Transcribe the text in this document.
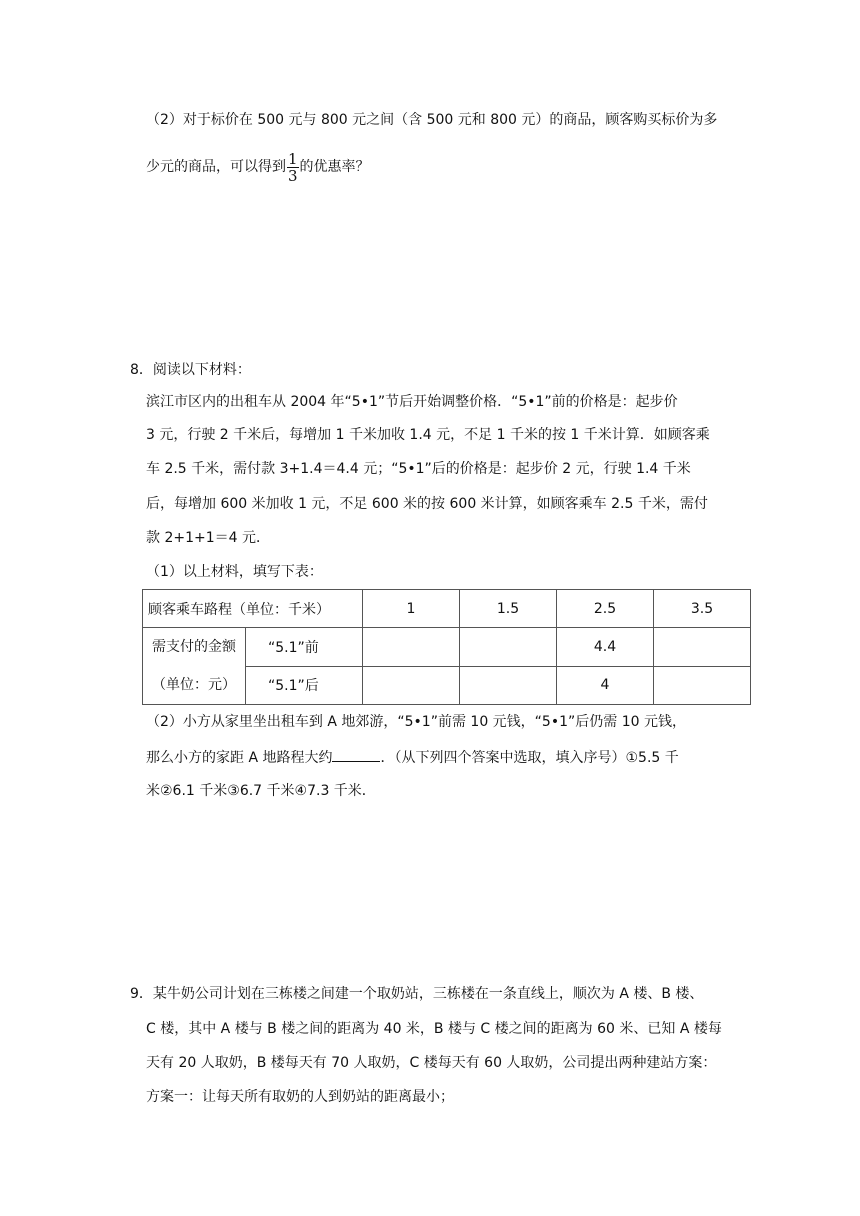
（2）对于标价在 500 元与 800 元之间（含 500 元和 800 元）的商品，顾客购买标价为多
少元的商品，可以得到 $\frac{1}{3}$ 的优惠率？
8．阅读以下材料：
滨江市区内的出租车从 2004 年“5•1”节后开始调整价格．“5•1”前的价格是：起步价
3 元，行驶 2 千米后，每增加 1 千米加收 1.4 元，不足 1 千米的按 1 千米计算．如顾客乘
车 2.5 千米，需付款 3+1.4＝4.4 元；“5•1”后的价格是：起步价 2 元，行驶 1.4 千米
后，每增加 600 米加收 1 元，不足 600 米的按 600 米计算，如顾客乘车 2.5 千米，需付
款 2+1+1＝4 元．
（1）以上材料，填写下表：
顾客乘车路程（单位：千米）		1	1.5	2.5	3.5

需支付的金额
（单位：元）	“5.1”前			4.4	
	“5.1”后			4	
（2）小方从家里坐出租车到 A 地郊游，“5•1”前需 10 元钱，“5•1”后仍需 10 元钱，
那么小方的家距 A 地路程大约	．（从下列四个答案中选取，填入序号）①5.5 千
米②6.1 千米③6.7 千米④7.3 千米．
9．某牛奶公司计划在三栋楼之间建一个取奶站，三栋楼在一条直线上，顺次为 A 楼、B 楼、
C 楼，其中 A 楼与 B 楼之间的距离为 40 米，B 楼与 C 楼之间的距离为 60 米、已知 A 楼每
天有 20 人取奶，B 楼每天有 70 人取奶，C 楼每天有 60 人取奶，公司提出两种建站方案：
方案一：让每天所有取奶的人到奶站的距离最小；
